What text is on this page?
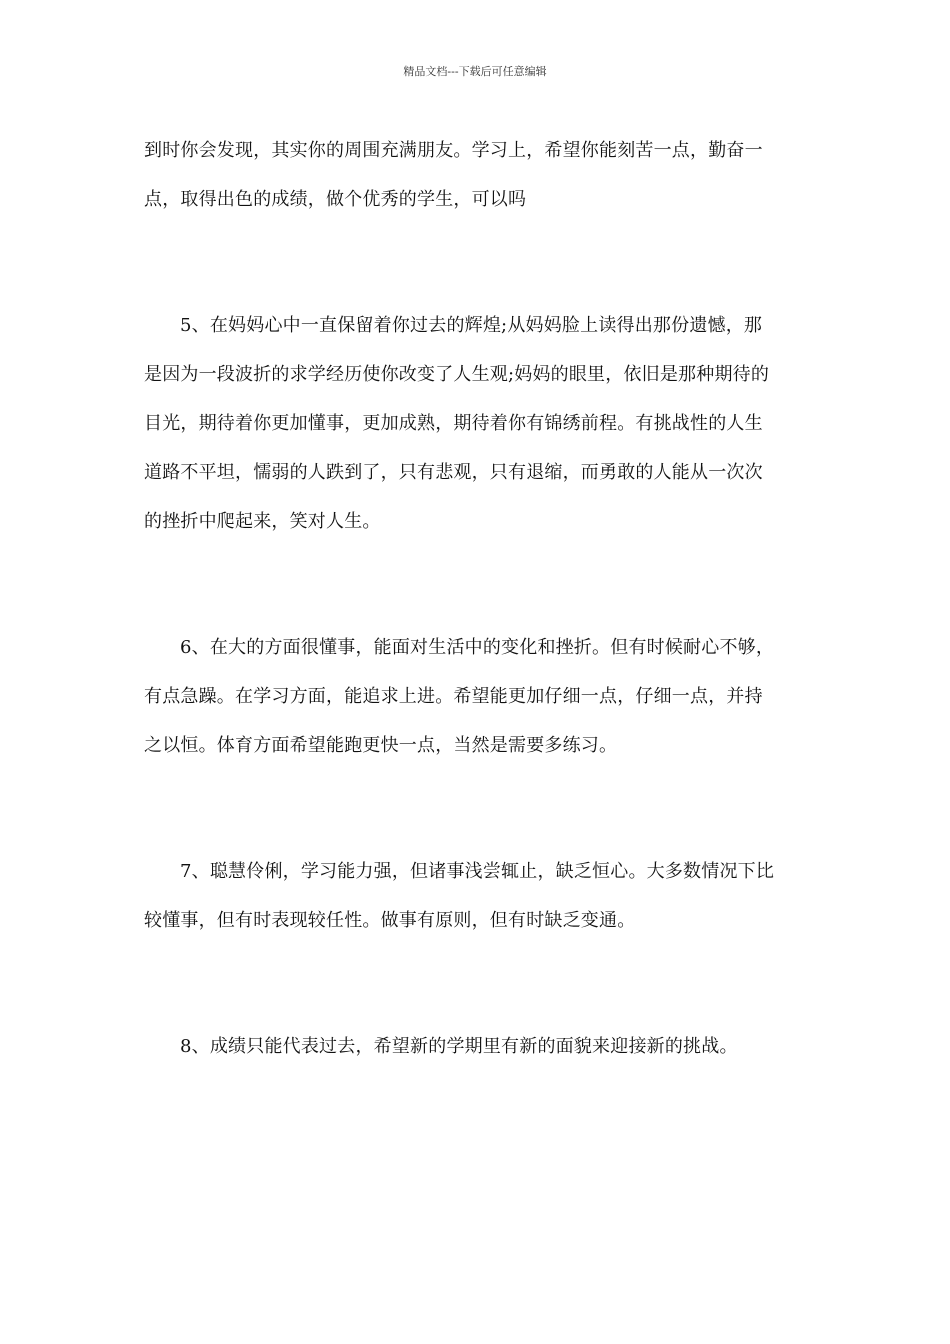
精品文档---下载后可任意编辑
到时你会发现，其实你的周围充满朋友。学习上，希望你能刻苦一点，勤奋一
点，取得出色的成绩，做个优秀的学生，可以吗
5、在妈妈心中一直保留着你过去的辉煌;从妈妈脸上读得出那份遗憾，那
是因为一段波折的求学经历使你改变了人生观;妈妈的眼里，依旧是那种期待的
目光，期待着你更加懂事，更加成熟，期待着你有锦绣前程。有挑战性的人生
道路不平坦，懦弱的人跌到了，只有悲观，只有退缩，而勇敢的人能从一次次
的挫折中爬起来，笑对人生。
6、在大的方面很懂事，能面对生活中的变化和挫折。但有时候耐心不够，
有点急躁。在学习方面，能追求上进。希望能更加仔细一点，仔细一点，并持
之以恒。体育方面希望能跑更快一点，当然是需要多练习。
7、聪慧伶俐，学习能力强，但诸事浅尝辄止，缺乏恒心。大多数情况下比
较懂事，但有时表现较任性。做事有原则，但有时缺乏变通。
8、成绩只能代表过去，希望新的学期里有新的面貌来迎接新的挑战。
